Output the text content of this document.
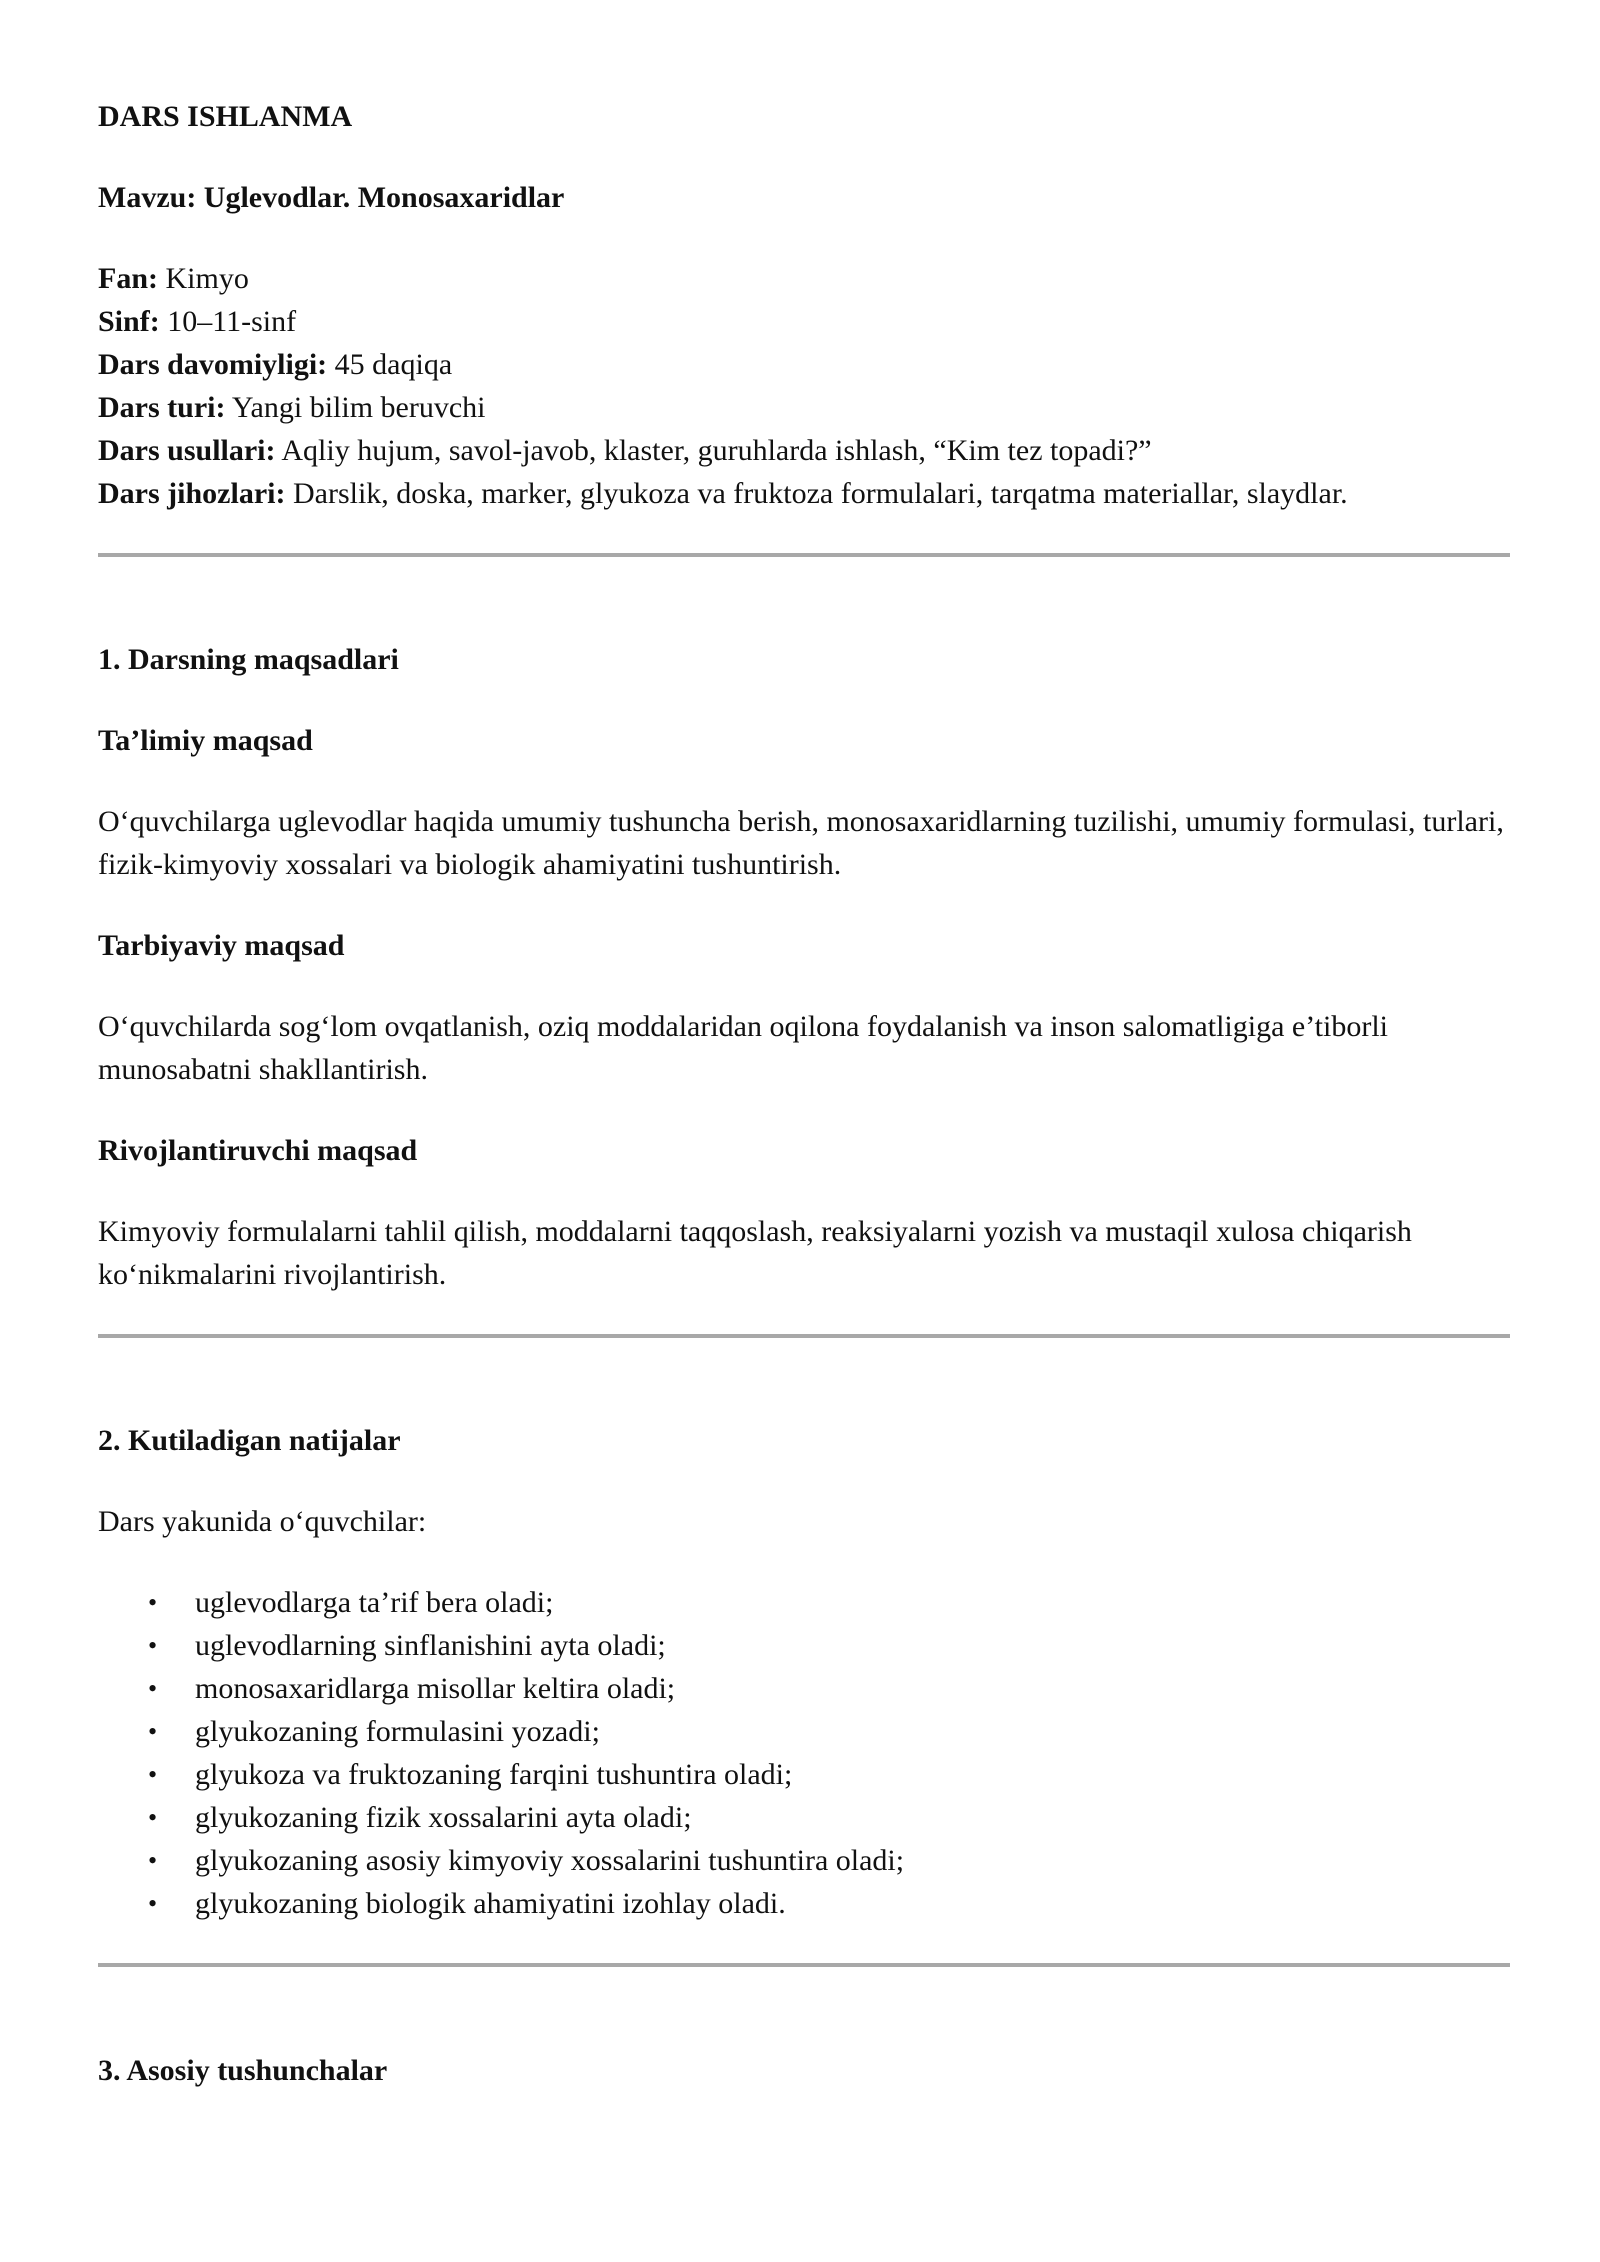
DARS ISHLANMA

Mavzu: Uglevodlar. Monosaxaridlar

Fan: Kimyo

Sinf: 10–11-sinf

Dars davomiyligi: 45 daqiqa

Dars turi: Yangi bilim beruvchi

Dars usullari: Aqliy hujum, savol-javob, klaster, guruhlarda ishlash, “Kim tez topadi?”

Dars jihozlari: Darslik, doska, marker, glyukoza va fruktoza formulalari, tarqatma materiallar, slaydlar.

1. Darsning maqsadlari

Ta’limiy maqsad

O‘quvchilarga uglevodlar haqida umumiy tushuncha berish, monosaxaridlarning tuzilishi, umumiy formulasi, turlari, fizik-kimyoviy xossalari va biologik ahamiyatini tushuntirish.

Tarbiyaviy maqsad

O‘quvchilarda sog‘lom ovqatlanish, oziq moddalaridan oqilona foydalanish va inson salomatligiga e’tiborli munosabatni shakllantirish.

Rivojlantiruvchi maqsad

Kimyoviy formulalarni tahlil qilish, moddalarni taqqoslash, reaksiyalarni yozish va mustaqil xulosa chiqarish ko‘nikmalarini rivojlantirish.

2. Kutiladigan natijalar

Dars yakunida o‘quvchilar:

• uglevodlarga ta’rif bera oladi;
• uglevodlarning sinflanishini ayta oladi;
• monosaxaridlarga misollar keltira oladi;
• glyukozaning formulasini yozadi;
• glyukoza va fruktozaning farqini tushuntira oladi;
• glyukozaning fizik xossalarini ayta oladi;
• glyukozaning asosiy kimyoviy xossalarini tushuntira oladi;
• glyukozaning biologik ahamiyatini izohlay oladi.

3. Asosiy tushunchalar
